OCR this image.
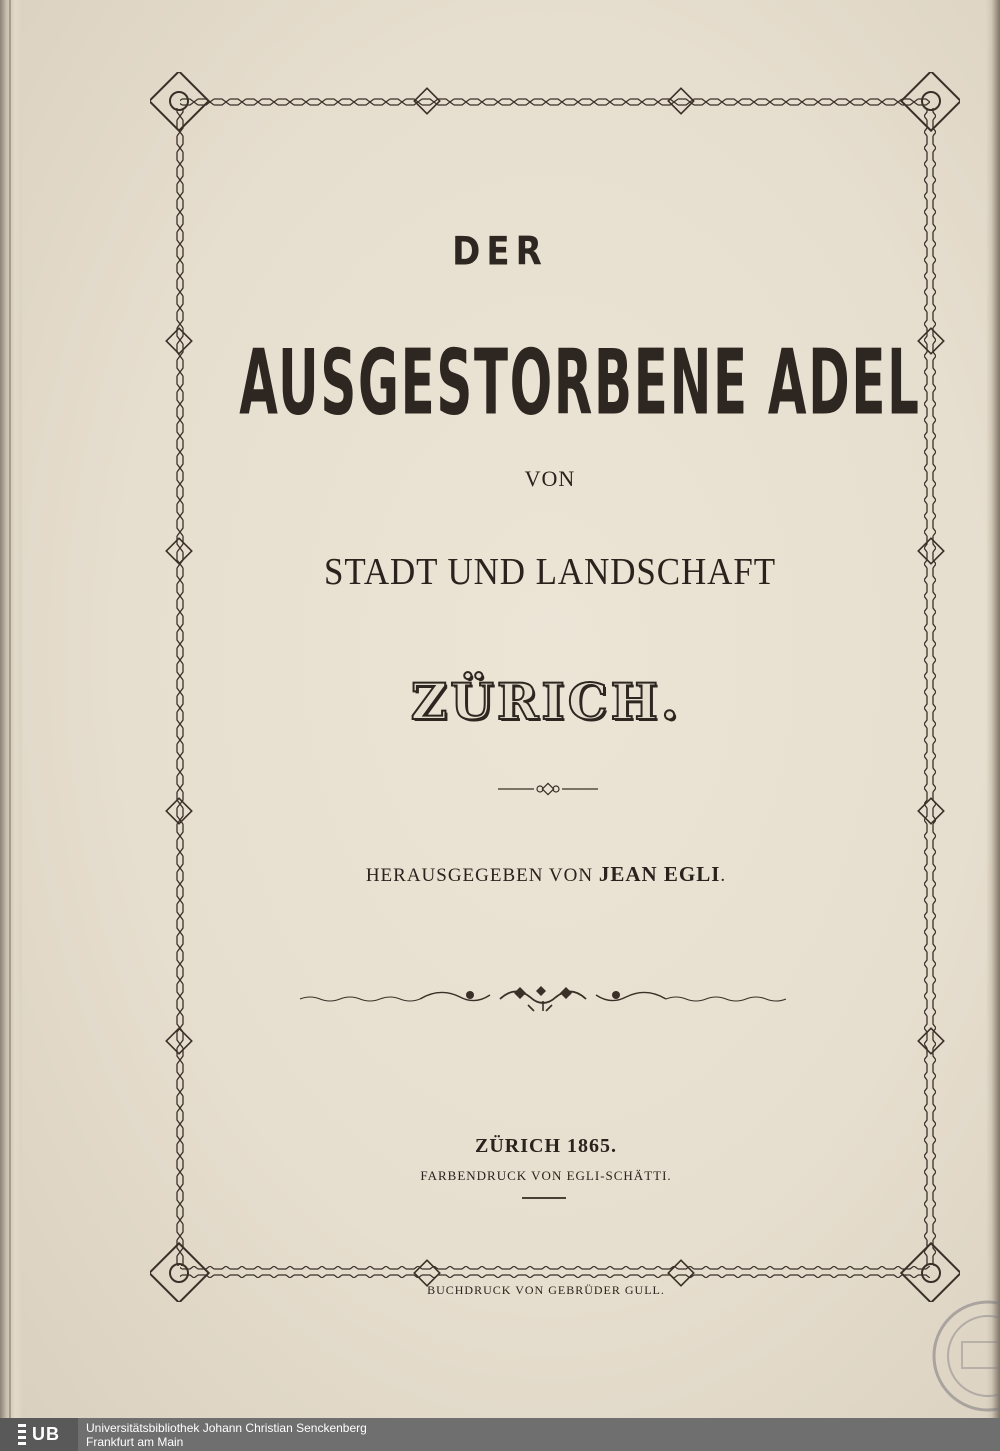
DER
AUSGESTORBENE ADEL
VON
STADT UND LANDSCHAFT
ZÜRICH.
HERAUSGEGEBEN VON JEAN EGLI.
ZÜRICH 1865.
FARBENDRUCK VON EGLI-SCHÄTTI.
BUCHDRUCK VON GEBRÜDER GULL.
UB Universitätsbibliothek Johann Christian Senckenberg
Frankfurt am Main
